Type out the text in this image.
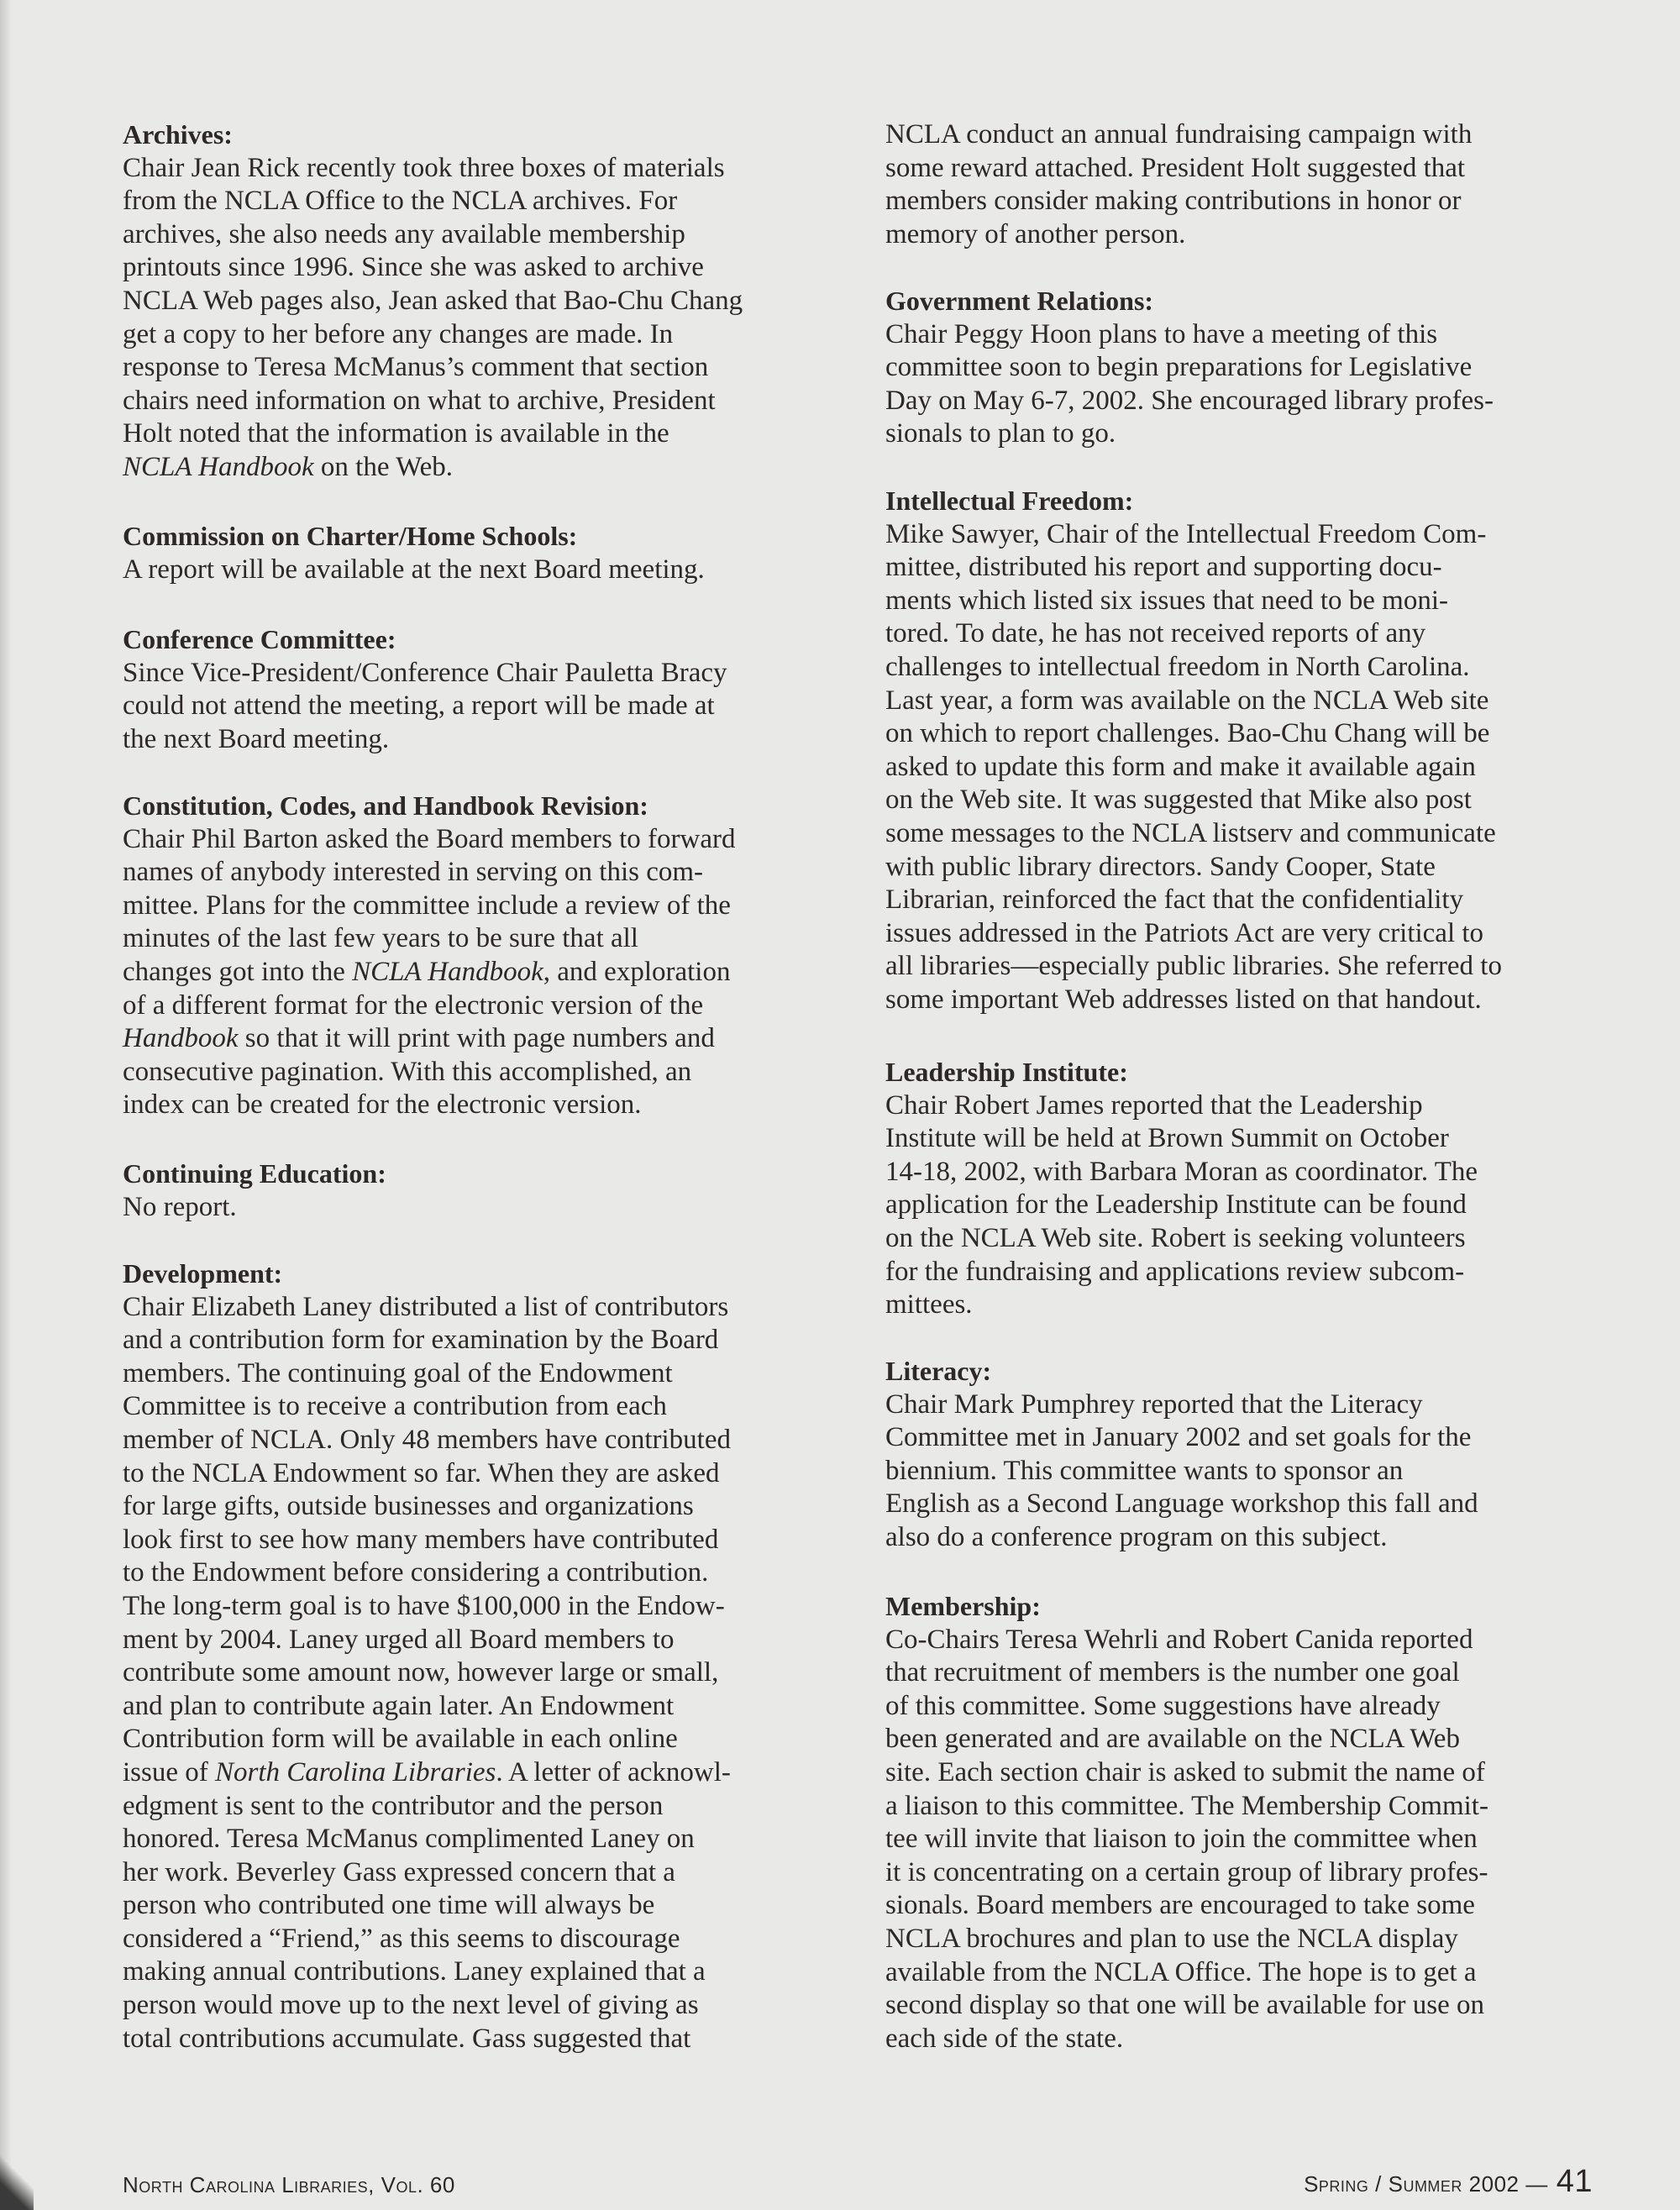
Archives:
Chair Jean Rick recently took three boxes of materials
from the NCLA Office to the NCLA archives. For
archives, she also needs any available membership
printouts since 1996. Since she was asked to archive
NCLA Web pages also, Jean asked that Bao-Chu Chang
get a copy to her before any changes are made. In
response to Teresa McManus’s comment that section
chairs need information on what to archive, President
Holt noted that the information is available in the
NCLA Handbook on the Web.
Commission on Charter/Home Schools:
A report will be available at the next Board meeting.
Conference Committee:
Since Vice-President/Conference Chair Pauletta Bracy
could not attend the meeting, a report will be made at
the next Board meeting.
Constitution, Codes, and Handbook Revision:
Chair Phil Barton asked the Board members to forward
names of anybody interested in serving on this com-
mittee. Plans for the committee include a review of the
minutes of the last few years to be sure that all
changes got into the NCLA Handbook, and exploration
of a different format for the electronic version of the
Handbook so that it will print with page numbers and
consecutive pagination. With this accomplished, an
index can be created for the electronic version.
Continuing Education:
No report.
Development:
Chair Elizabeth Laney distributed a list of contributors
and a contribution form for examination by the Board
members. The continuing goal of the Endowment
Committee is to receive a contribution from each
member of NCLA. Only 48 members have contributed
to the NCLA Endowment so far. When they are asked
for large gifts, outside businesses and organizations
look first to see how many members have contributed
to the Endowment before considering a contribution.
The long-term goal is to have $100,000 in the Endow-
ment by 2004. Laney urged all Board members to
contribute some amount now, however large or small,
and plan to contribute again later. An Endowment
Contribution form will be available in each online
issue of North Carolina Libraries. A letter of acknowl-
edgment is sent to the contributor and the person
honored. Teresa McManus complimented Laney on
her work. Beverley Gass expressed concern that a
person who contributed one time will always be
considered a “Friend,” as this seems to discourage
making annual contributions. Laney explained that a
person would move up to the next level of giving as
total contributions accumulate. Gass suggested that
NCLA conduct an annual fundraising campaign with
some reward attached. President Holt suggested that
members consider making contributions in honor or
memory of another person.
Government Relations:
Chair Peggy Hoon plans to have a meeting of this
committee soon to begin preparations for Legislative
Day on May 6-7, 2002. She encouraged library profes-
sionals to plan to go.
Intellectual Freedom:
Mike Sawyer, Chair of the Intellectual Freedom Com-
mittee, distributed his report and supporting docu-
ments which listed six issues that need to be moni-
tored. To date, he has not received reports of any
challenges to intellectual freedom in North Carolina.
Last year, a form was available on the NCLA Web site
on which to report challenges. Bao-Chu Chang will be
asked to update this form and make it available again
on the Web site. It was suggested that Mike also post
some messages to the NCLA listserv and communicate
with public library directors. Sandy Cooper, State
Librarian, reinforced the fact that the confidentiality
issues addressed in the Patriots Act are very critical to
all libraries—especially public libraries. She referred to
some important Web addresses listed on that handout.
Leadership Institute:
Chair Robert James reported that the Leadership
Institute will be held at Brown Summit on October
14-18, 2002, with Barbara Moran as coordinator. The
application for the Leadership Institute can be found
on the NCLA Web site. Robert is seeking volunteers
for the fundraising and applications review subcom-
mittees.
Literacy:
Chair Mark Pumphrey reported that the Literacy
Committee met in January 2002 and set goals for the
biennium. This committee wants to sponsor an
English as a Second Language workshop this fall and
also do a conference program on this subject.
Membership:
Co-Chairs Teresa Wehrli and Robert Canida reported
that recruitment of members is the number one goal
of this committee. Some suggestions have already
been generated and are available on the NCLA Web
site. Each section chair is asked to submit the name of
a liaison to this committee. The Membership Commit-
tee will invite that liaison to join the committee when
it is concentrating on a certain group of library profes-
sionals. Board members are encouraged to take some
NCLA brochures and plan to use the NCLA display
available from the NCLA Office. The hope is to get a
second display so that one will be available for use on
each side of the state.
North Carolina Libraries, Vol. 60	Spring / Summer 2002 — 41
